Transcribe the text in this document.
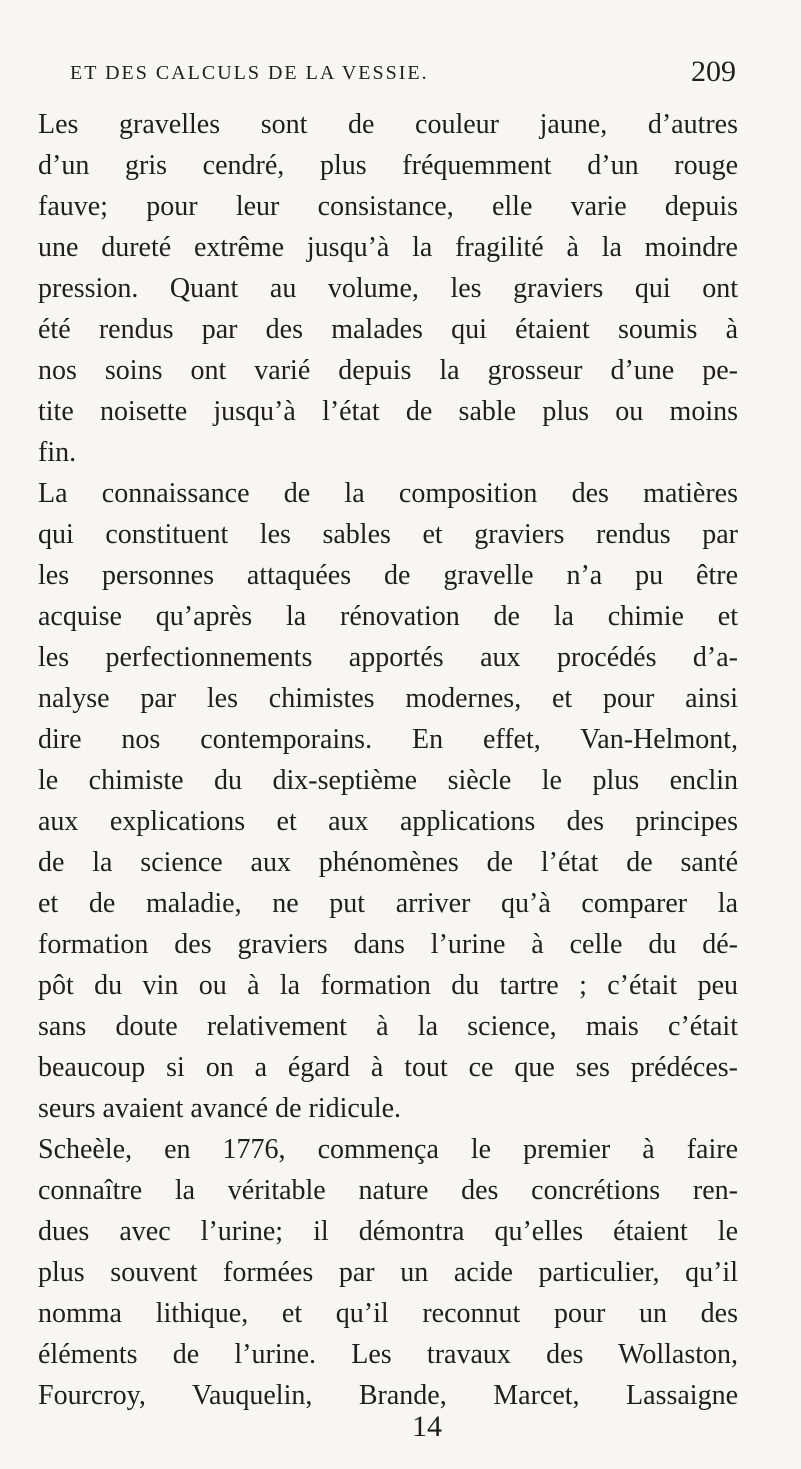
ET DES CALCULS DE LA VESSIE.	209
Les gravelles sont de couleur jaune, d’autres
d’un gris cendré, plus fréquemment d’un rouge
fauve; pour leur consistance, elle varie depuis
une dureté extrême jusqu’à la fragilité à la moindre
pression. Quant au volume, les graviers qui ont
été rendus par des malades qui étaient soumis à
nos soins ont varié depuis la grosseur d’une pe-
tite noisette jusqu’à l’état de sable plus ou moins
fin.
La connaissance de la composition des matières
qui constituent les sables et graviers rendus par
les personnes attaquées de gravelle n’a pu être
acquise qu’après la rénovation de la chimie et
les perfectionnements apportés aux procédés d’a-
nalyse par les chimistes modernes, et pour ainsi
dire nos contemporains. En effet, Van-Helmont,
le chimiste du dix-septième siècle le plus enclin
aux explications et aux applications des principes
de la science aux phénomènes de l’état de santé
et de maladie, ne put arriver qu’à comparer la
formation des graviers dans l’urine à celle du dé-
pôt du vin ou à la formation du tartre ; c’était peu
sans doute relativement à la science, mais c’était
beaucoup si on a égard à tout ce que ses prédéces-
seurs avaient avancé de ridicule.
Scheèle, en 1776, commença le premier à faire
connaître la véritable nature des concrétions ren-
dues avec l’urine; il démontra qu’elles étaient le
plus souvent formées par un acide particulier, qu’il
nomma lithique, et qu’il reconnut pour un des
éléments de l’urine. Les travaux des Wollaston,
Fourcroy, Vauquelin, Brande, Marcet, Lassaigne
14
